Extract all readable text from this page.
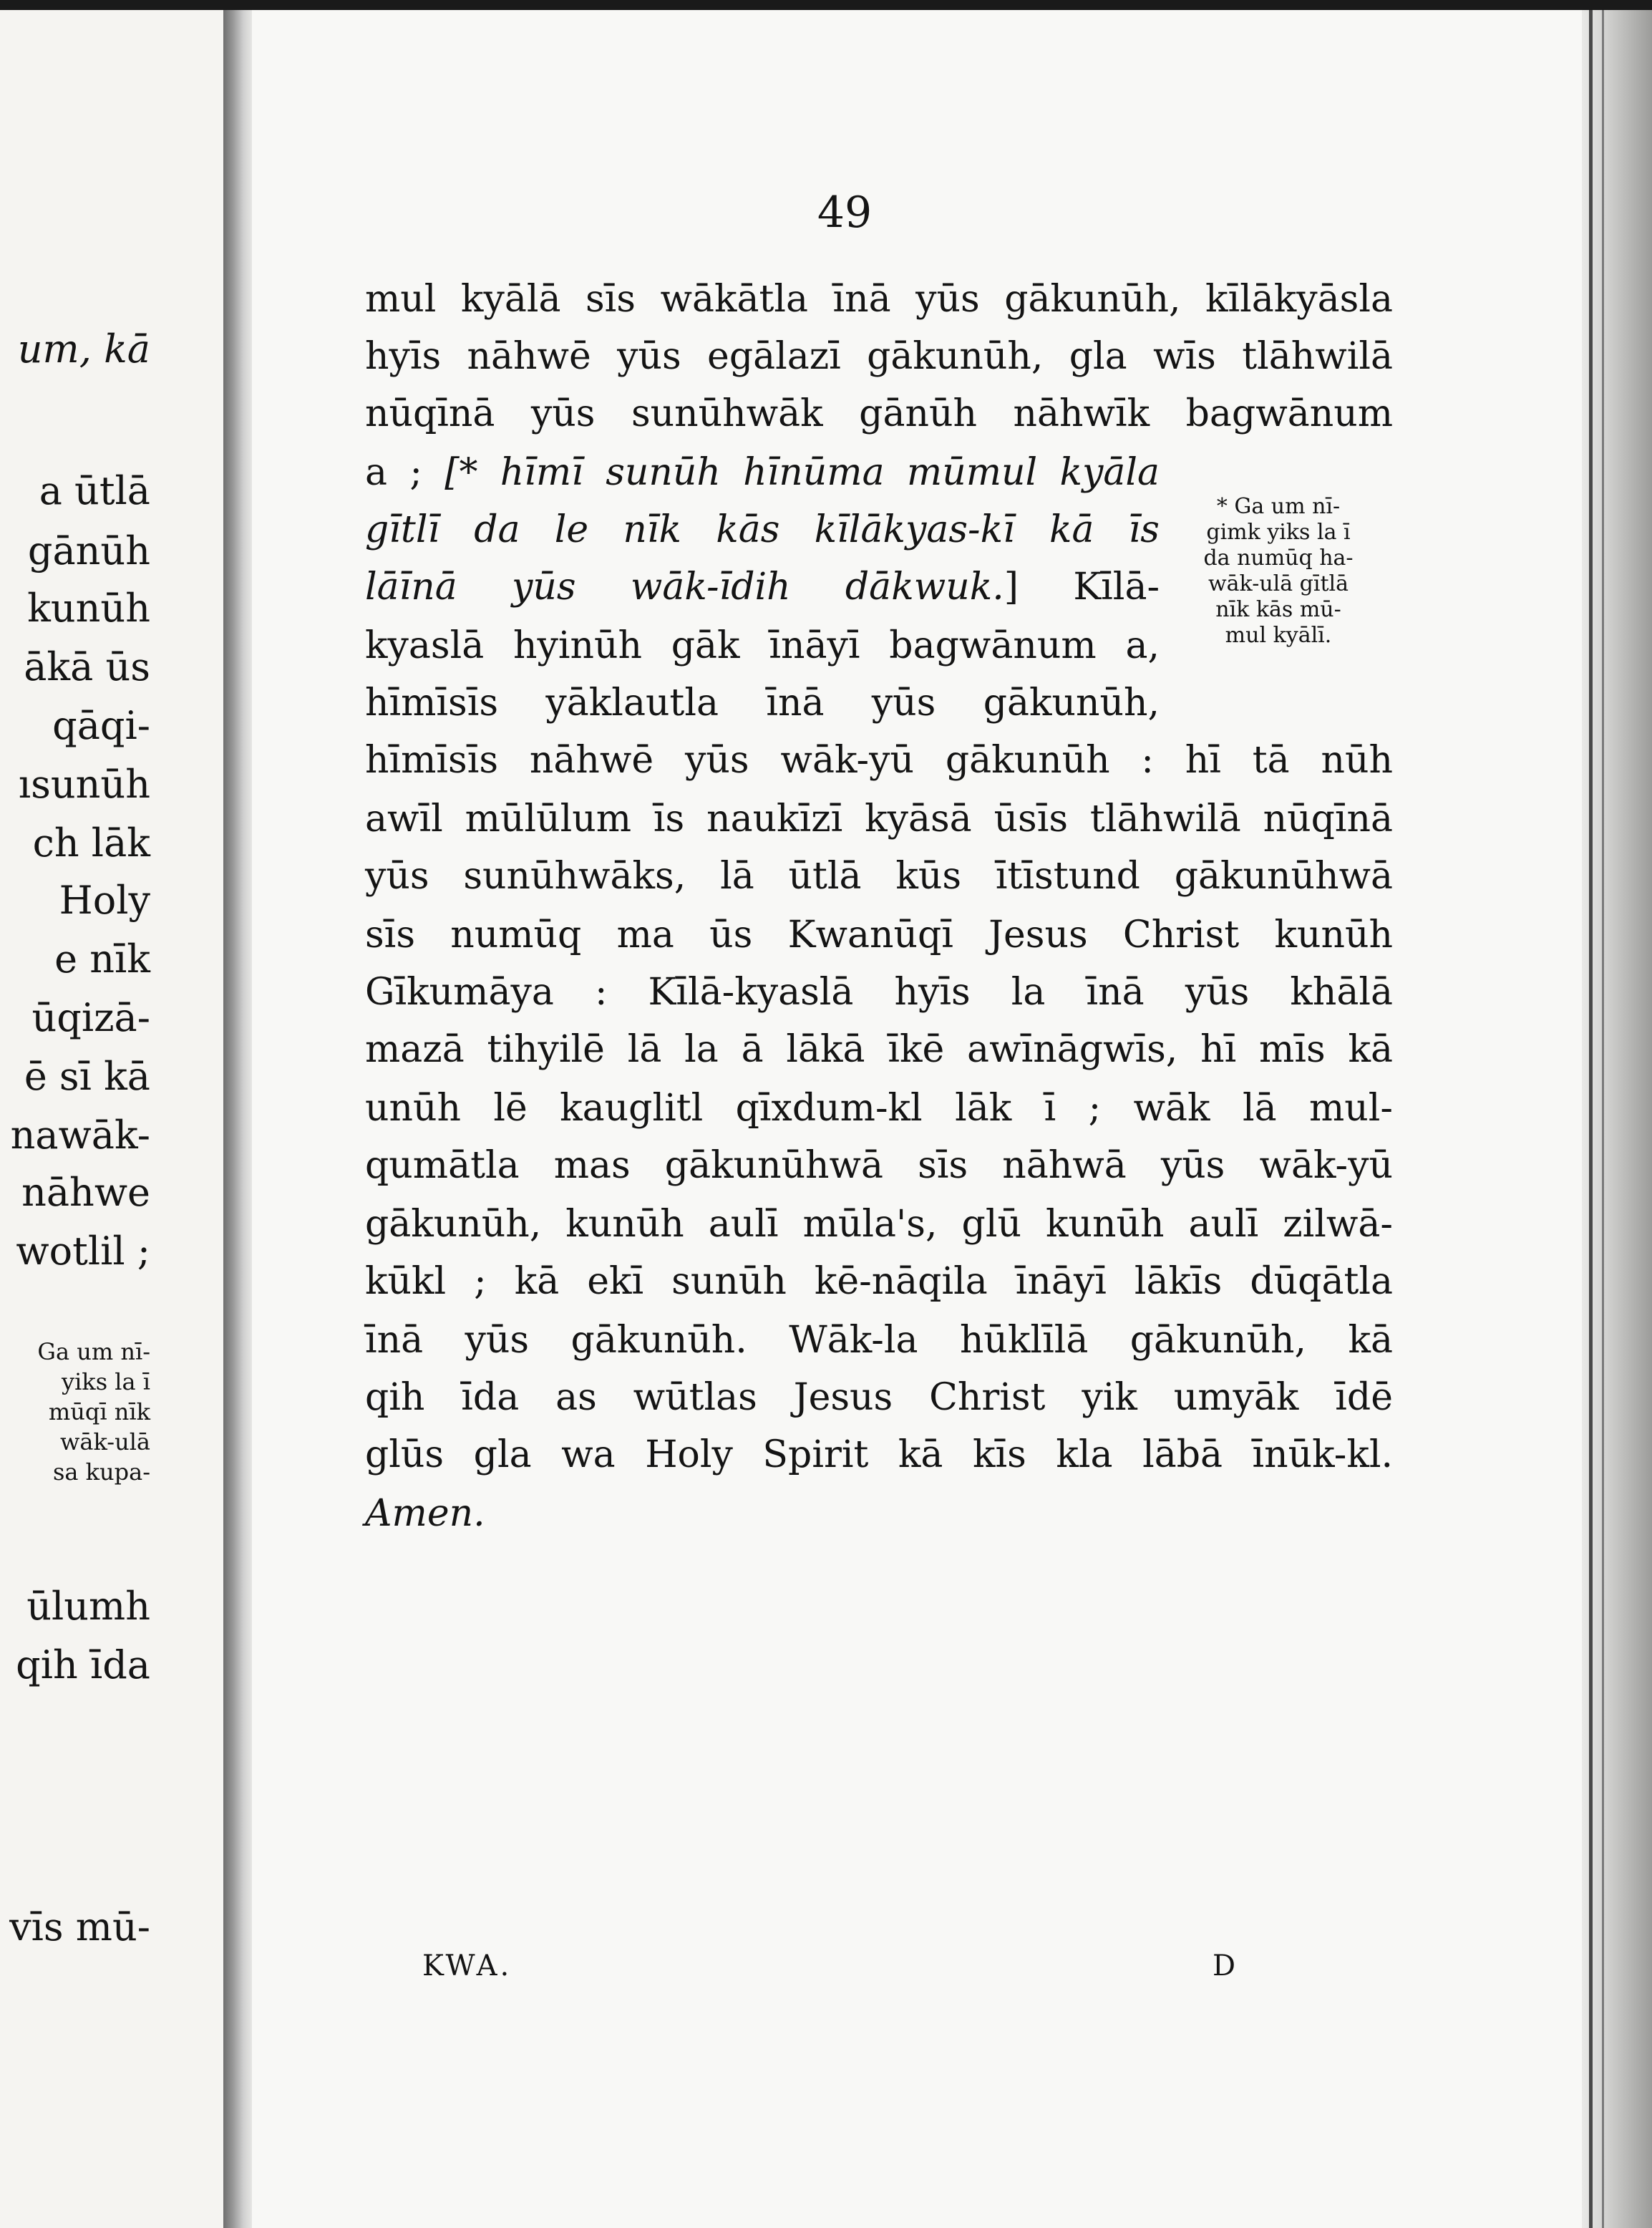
um, kā
a ūtlā
gānūh
kunūh
ākā ūs
qāqi-
ısunūh
ch lāk
Holy
e nīk
ūqizā-
ē sī kā
nawāk-
nāhwe
wotlil ;
ūlumh
qih īda
vīs mū-
Ga um nī-
yiks la ī
mūqī nīk
wāk-ulā
sa kupa-
49
mul kyālā sīs wākātla īnā yūs gākunūh, kīlākyāsla
hyīs nāhwē yūs egālazī gākunūh, gla wīs tlāhwilā
nūqīnā yūs sunūhwāk gānūh nāhwīk bagwānum
a ; [* hīmī sunūh hīnūma mūmul kyāla
gītlī da le nīk kās kīlākyas-kī kā īs
lāīnā yūs wāk-īdih dākwuk.] Kīlā-
kyaslā hyinūh gāk īnāyī bagwānum a,
hīmīsīs yāklautla īnā yūs gākunūh,
hīmīsīs nāhwē yūs wāk-yū gākunūh : hī tā nūh
awīl mūlūlum īs naukīzī kyāsā ūsīs tlāhwilā nūqīnā
yūs sunūhwāks, lā ūtlā kūs ītīstund gākunūhwā
sīs numūq ma ūs Kwanūqī Jesus Christ kunūh
Gīkumāya : Kīlā-kyaslā hyīs la īnā yūs khālā
mazā tihyilē lā la ā lākā īkē awīnāgwīs, hī mīs kā
unūh lē kauglitl qīxdum-kl lāk ī ; wāk lā mul-
qumātla mas gākunūhwā sīs nāhwā yūs wāk-yū
gākunūh, kunūh aulī mūla's, glū kunūh aulī zilwā-
kūkl ; kā ekī sunūh kē-nāqila īnāyī lākīs dūqātla
īnā yūs gākunūh. Wāk-la hūklīlā gākunūh, kā
qih īda as wūtlas Jesus Christ yik umyāk īdē
glūs gla wa Holy Spirit kā kīs kla lābā īnūk-kl.
Amen.
* Ga um nī-
gimk yiks la ī
da numūq ha-
wāk-ulā gītlā
nīk kās mū-
mul kyālī.
KWA.	D
